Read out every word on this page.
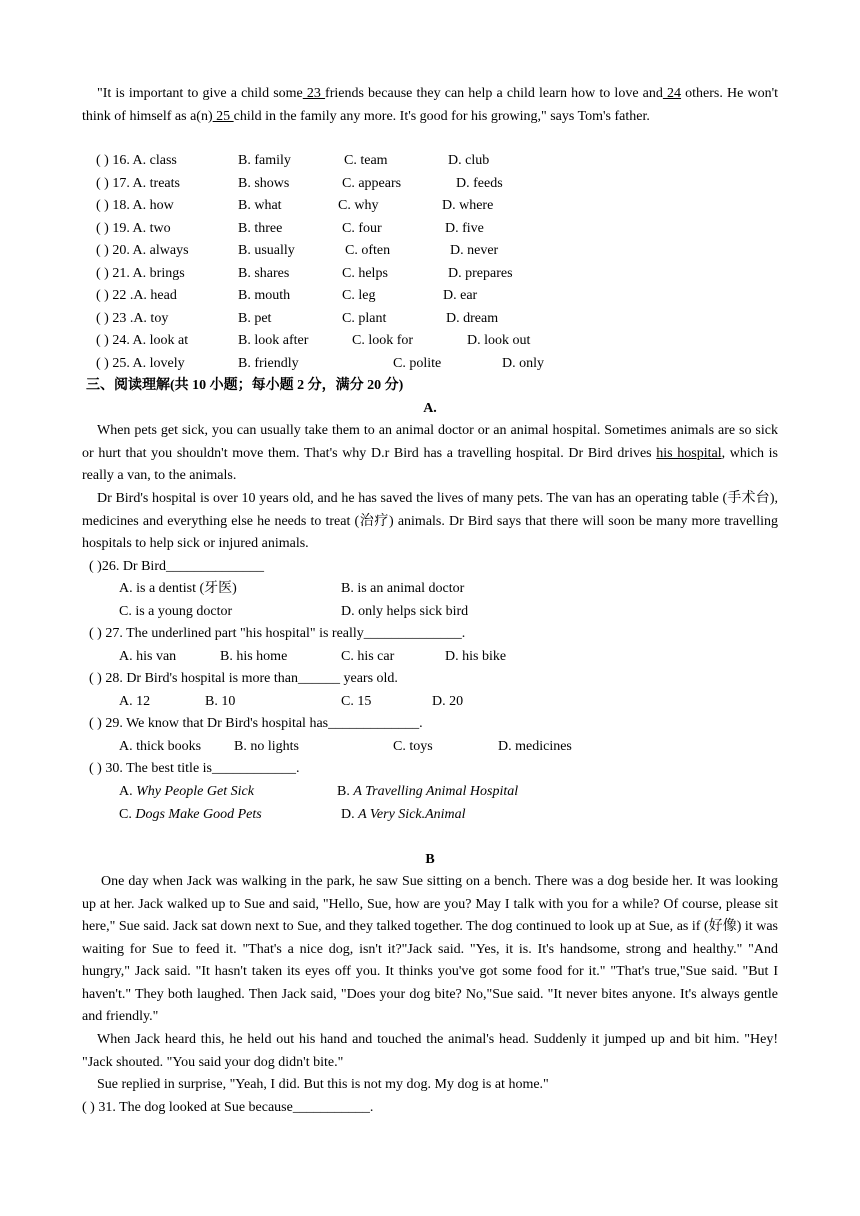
"It is important to give a child some 23 friends because they can help a child learn how to love and 24 others. He won't think of himself as a(n) 25 child in the family any more. It's good for his growing," says Tom's father.

( ) 16. A. class	B. family	C. team	D. club
( ) 17. A. treats	B. shows	C. appears	D. feeds
( ) 18. A. how	B. what	C. why	D. where
( ) 19. A. two	B. three	C. four	D. five
( ) 20. A. always	B. usually	C. often	D. never
( ) 21. A. brings	B. shares	C. helps	D. prepares
( ) 22 .A. head	B. mouth	C. leg	D. ear
( ) 23 .A. toy	B. pet	C. plant	D. dream
( ) 24. A. look at	B. look after	C. look for	D. look out
( ) 25. A. lovely	B. friendly	C. polite	D. only
三、阅读理解(共 10 小题；每小题 2 分，满分 20 分)
A.

When pets get sick, you can usually take them to an animal doctor or an animal hospital. Sometimes animals are so sick or hurt that you shouldn't move them. That's why D.r Bird has a travelling hospital. Dr Bird drives his hospital, which is really a van, to the animals.

Dr Bird's hospital is over 10 years old, and he has saved the lives of many pets. The van has an operating table (手术台), medicines and everything else he needs to treat (治疗) animals. Dr Bird says that there will soon be many more travelling hospitals to help sick or injured animals.

( )26. Dr Bird______________
A. is a dentist (牙医)	B. is an animal doctor
C. is a young doctor	D. only helps sick bird
( ) 27. The underlined part "his hospital" is really______________.
A. his van	B. his home	C. his car	D. his bike
( ) 28. Dr Bird's hospital is more than______ years old.
A. 12	B. 10	C. 15	D. 20
( ) 29. We know that Dr Bird's hospital has_____________.
A. thick books B. no lights	C. toys	D. medicines
( ) 30. The best title is____________.
A. Why People Get Sick	B. A Travelling Animal Hospital
C. Dogs Make Good Pets	D. A Very Sick.Animal
B

One day when Jack was walking in the park, he saw Sue sitting on a bench. There was a dog beside her. It was looking up at her. Jack walked up to Sue and said, "Hello, Sue, how are you? May I talk with you for a while? Of course, please sit here," Sue said. Jack sat down next to Sue, and they talked together. The dog continued to look up at Sue, as if (好像) it was waiting for Sue to feed it. "That's a nice dog, isn't it?"Jack said. "Yes, it is. It's handsome, strong and healthy." "And hungry," Jack said. "It hasn't taken its eyes off you. It thinks you've got some food for it." "That's true,"Sue said. "But I haven't." They both laughed. Then Jack said, "Does your dog bite? No,"Sue said. "It never bites anyone. It's always gentle and friendly."

When Jack heard this, he held out his hand and touched the animal's head. Suddenly it jumped up and bit him. "Hey! "Jack shouted. "You said your dog didn't bite."

Sue replied in surprise, "Yeah, I did. But this is not my dog. My dog is at home."

( ) 31. The dog looked at Sue because___________.
